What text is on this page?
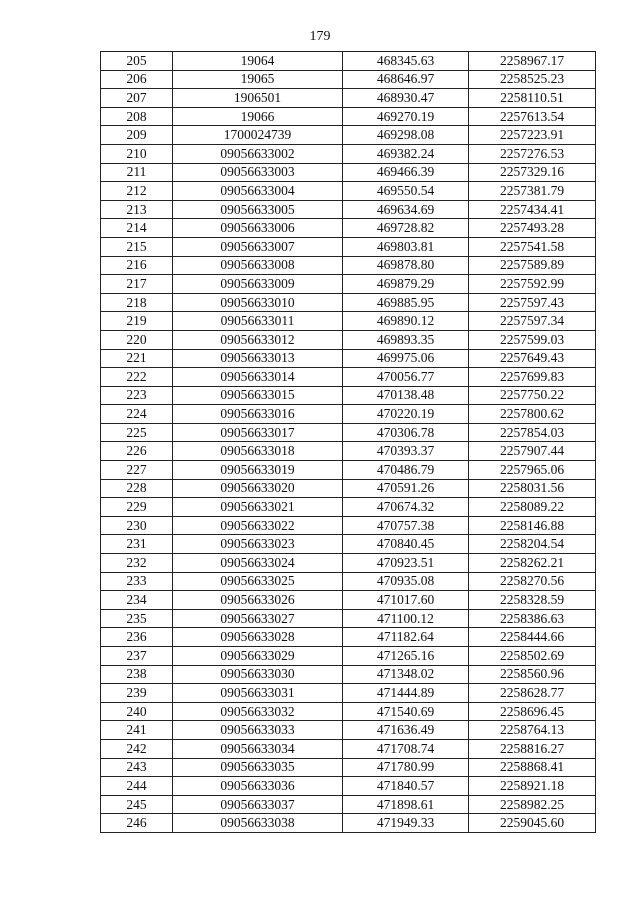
179
205	19064	468345.63	2258967.17
206	19065	468646.97	2258525.23
207	1906501	468930.47	2258110.51
208	19066	469270.19	2257613.54
209	1700024739	469298.08	2257223.91
210	09056633002	469382.24	2257276.53
211	09056633003	469466.39	2257329.16
212	09056633004	469550.54	2257381.79
213	09056633005	469634.69	2257434.41
214	09056633006	469728.82	2257493.28
215	09056633007	469803.81	2257541.58
216	09056633008	469878.80	2257589.89
217	09056633009	469879.29	2257592.99
218	09056633010	469885.95	2257597.43
219	09056633011	469890.12	2257597.34
220	09056633012	469893.35	2257599.03
221	09056633013	469975.06	2257649.43
222	09056633014	470056.77	2257699.83
223	09056633015	470138.48	2257750.22
224	09056633016	470220.19	2257800.62
225	09056633017	470306.78	2257854.03
226	09056633018	470393.37	2257907.44
227	09056633019	470486.79	2257965.06
228	09056633020	470591.26	2258031.56
229	09056633021	470674.32	2258089.22
230	09056633022	470757.38	2258146.88
231	09056633023	470840.45	2258204.54
232	09056633024	470923.51	2258262.21
233	09056633025	470935.08	2258270.56
234	09056633026	471017.60	2258328.59
235	09056633027	471100.12	2258386.63
236	09056633028	471182.64	2258444.66
237	09056633029	471265.16	2258502.69
238	09056633030	471348.02	2258560.96
239	09056633031	471444.89	2258628.77
240	09056633032	471540.69	2258696.45
241	09056633033	471636.49	2258764.13
242	09056633034	471708.74	2258816.27
243	09056633035	471780.99	2258868.41
244	09056633036	471840.57	2258921.18
245	09056633037	471898.61	2258982.25
246	09056633038	471949.33	2259045.60
